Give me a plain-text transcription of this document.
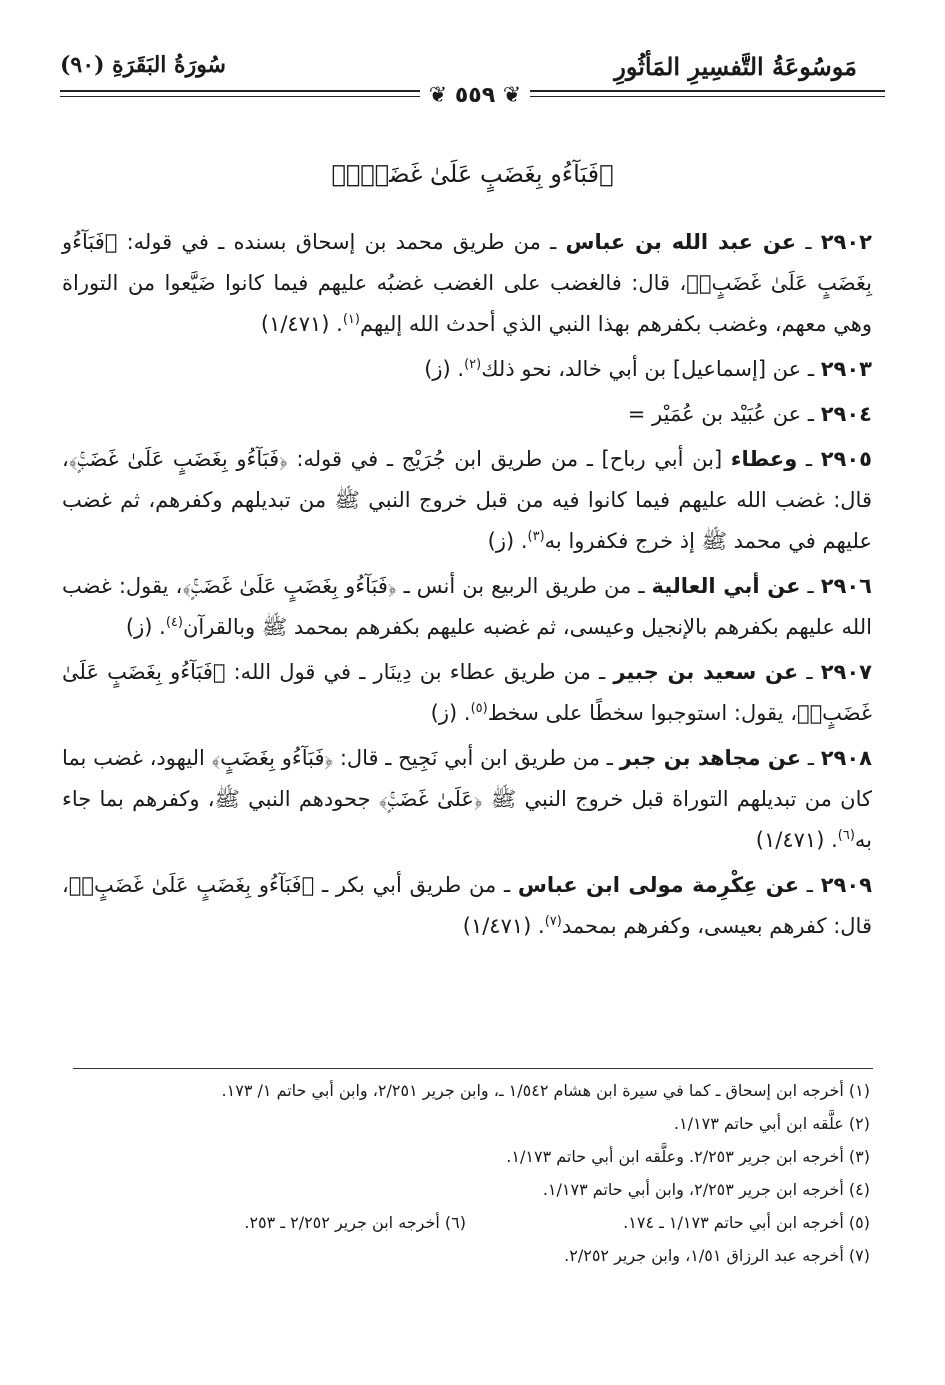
مَوسُوعَةُ التَّفسِيرِ المَأثُورِ
سُورَةُ البَقَرَةِ (٩٠)
❦ ٥٥٩ ❦
﴿فَبَآءُو بِغَضَبٍ عَلَىٰ غَضَبٍۚ﴾

٢٩٠٢ ـ عن عبد الله بن عباس ـ من طريق محمد بن إسحاق بسنده ـ في قوله: ﴿فَبَآءُو بِغَضَبٍ عَلَىٰ غَضَبٍۚ﴾، قال: فالغضب على الغضب غضبُه عليهم فيما كانوا ضَيَّعوا من التوراة وهي معهم، وغضب بكفرهم بهذا النبي الذي أحدث الله إليهم$^{(١)}$. (١/٤٧١)

٢٩٠٣ ـ عن [إسماعيل] بن أبي خالد، نحو ذلك$^{(٢)}$. (ز)

٢٩٠٤ ـ عن عُبَيْد بن عُمَيْر =

٢٩٠٥ ـ وعطاء [بن أبي رباح] ـ من طريق ابن جُرَيْج ـ في قوله: ﴿فَبَآءُو بِغَضَبٍ عَلَىٰ غَضَبٍۚ﴾، قال: غضب الله عليهم فيما كانوا فيه من قبل خروج النبي ﷺ من تبديلهم وكفرهم، ثم غضب عليهم في محمد ﷺ إذ خرج فكفروا به$^{(٣)}$. (ز)

٢٩٠٦ ـ عن أبي العالية ـ من طريق الربيع بن أنس ـ ﴿فَبَآءُو بِغَضَبٍ عَلَىٰ غَضَبٍۚ﴾، يقول: غضب الله عليهم بكفرهم بالإنجيل وعيسى، ثم غضبه عليهم بكفرهم بمحمد ﷺ وبالقرآن$^{(٤)}$. (ز)

٢٩٠٧ ـ عن سعيد بن جبير ـ من طريق عطاء بن دِينَار ـ في قول الله: ﴿فَبَآءُو بِغَضَبٍ عَلَىٰ غَضَبٍۚ﴾، يقول: استوجبوا سخطًا على سخط$^{(٥)}$. (ز)

٢٩٠٨ ـ عن مجاهد بن جبر ـ من طريق ابن أبي نَجِيح ـ قال: ﴿فَبَآءُو بِغَضَبٍ﴾ اليهود، غضب بما كان من تبديلهم التوراة قبل خروج النبي ﷺ ﴿عَلَىٰ غَضَبٍۚ﴾ جحودهم النبي ﷺ، وكفرهم بما جاء به$^{(٦)}$. (١/٤٧١)

٢٩٠٩ ـ عن عِكْرِمة مولى ابن عباس ـ من طريق أبي بكر ـ ﴿فَبَآءُو بِغَضَبٍ عَلَىٰ غَضَبٍۚ﴾، قال: كفرهم بعيسى، وكفرهم بمحمد$^{(٧)}$. (١/٤٧١)

(١) أخرجه ابن إسحاق ـ كما في سيرة ابن هشام ١/٥٤٢ ـ، وابن جرير ٢/٢٥١، وابن أبي حاتم ١/ ١٧٣.

(٢) علَّقه ابن أبي حاتم ١/١٧٣.

(٣) أخرجه ابن جرير ٢/٢٥٣. وعلَّقه ابن أبي حاتم ١/١٧٣.

(٤) أخرجه ابن جرير ٢/٢٥٣، وابن أبي حاتم ١/١٧٣.

(٥) أخرجه ابن أبي حاتم ١/١٧٣ ـ ١٧٤.

(٦) أخرجه ابن جرير ٢/٢٥٢ ـ ٢٥٣.

(٧) أخرجه عبد الرزاق ١/٥١، وابن جرير ٢/٢٥٢.
